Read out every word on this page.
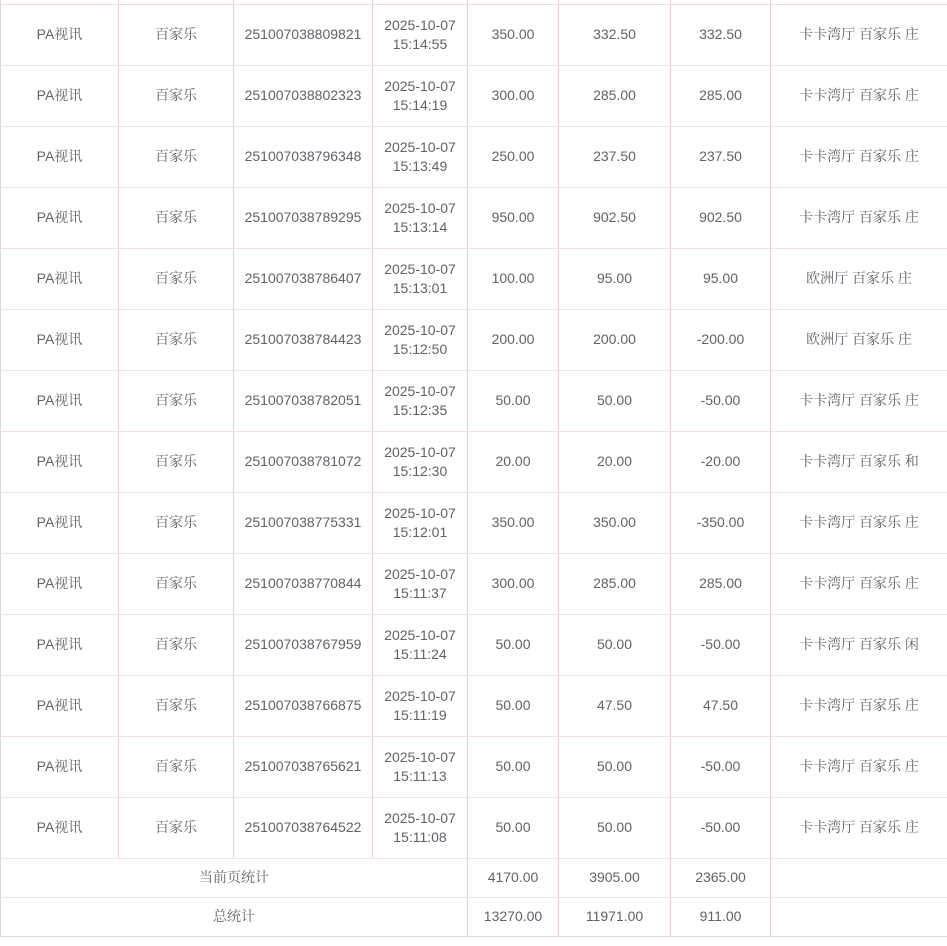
PA视讯	百家乐	251007038809821	2025-10-07 15:14:55	350.00	332.50	332.50	卡卡湾厅 百家乐 庄
PA视讯	百家乐	251007038802323	2025-10-07 15:14:19	300.00	285.00	285.00	卡卡湾厅 百家乐 庄
PA视讯	百家乐	251007038796348	2025-10-07 15:13:49	250.00	237.50	237.50	卡卡湾厅 百家乐 庄
PA视讯	百家乐	251007038789295	2025-10-07 15:13:14	950.00	902.50	902.50	卡卡湾厅 百家乐 庄
PA视讯	百家乐	251007038786407	2025-10-07 15:13:01	100.00	95.00	95.00	欧洲厅 百家乐 庄
PA视讯	百家乐	251007038784423	2025-10-07 15:12:50	200.00	200.00	-200.00	欧洲厅 百家乐 庄
PA视讯	百家乐	251007038782051	2025-10-07 15:12:35	50.00	50.00	-50.00	卡卡湾厅 百家乐 庄
PA视讯	百家乐	251007038781072	2025-10-07 15:12:30	20.00	20.00	-20.00	卡卡湾厅 百家乐 和
PA视讯	百家乐	251007038775331	2025-10-07 15:12:01	350.00	350.00	-350.00	卡卡湾厅 百家乐 庄
PA视讯	百家乐	251007038770844	2025-10-07 15:11:37	300.00	285.00	285.00	卡卡湾厅 百家乐 庄
PA视讯	百家乐	251007038767959	2025-10-07 15:11:24	50.00	50.00	-50.00	卡卡湾厅 百家乐 闲
PA视讯	百家乐	251007038766875	2025-10-07 15:11:19	50.00	47.50	47.50	卡卡湾厅 百家乐 庄
PA视讯	百家乐	251007038765621	2025-10-07 15:11:13	50.00	50.00	-50.00	卡卡湾厅 百家乐 庄
PA视讯	百家乐	251007038764522	2025-10-07 15:11:08	50.00	50.00	-50.00	卡卡湾厅 百家乐 庄
当前页统计				4170.00	3905.00	2365.00	
总统计				13270.00	11971.00	911.00	
